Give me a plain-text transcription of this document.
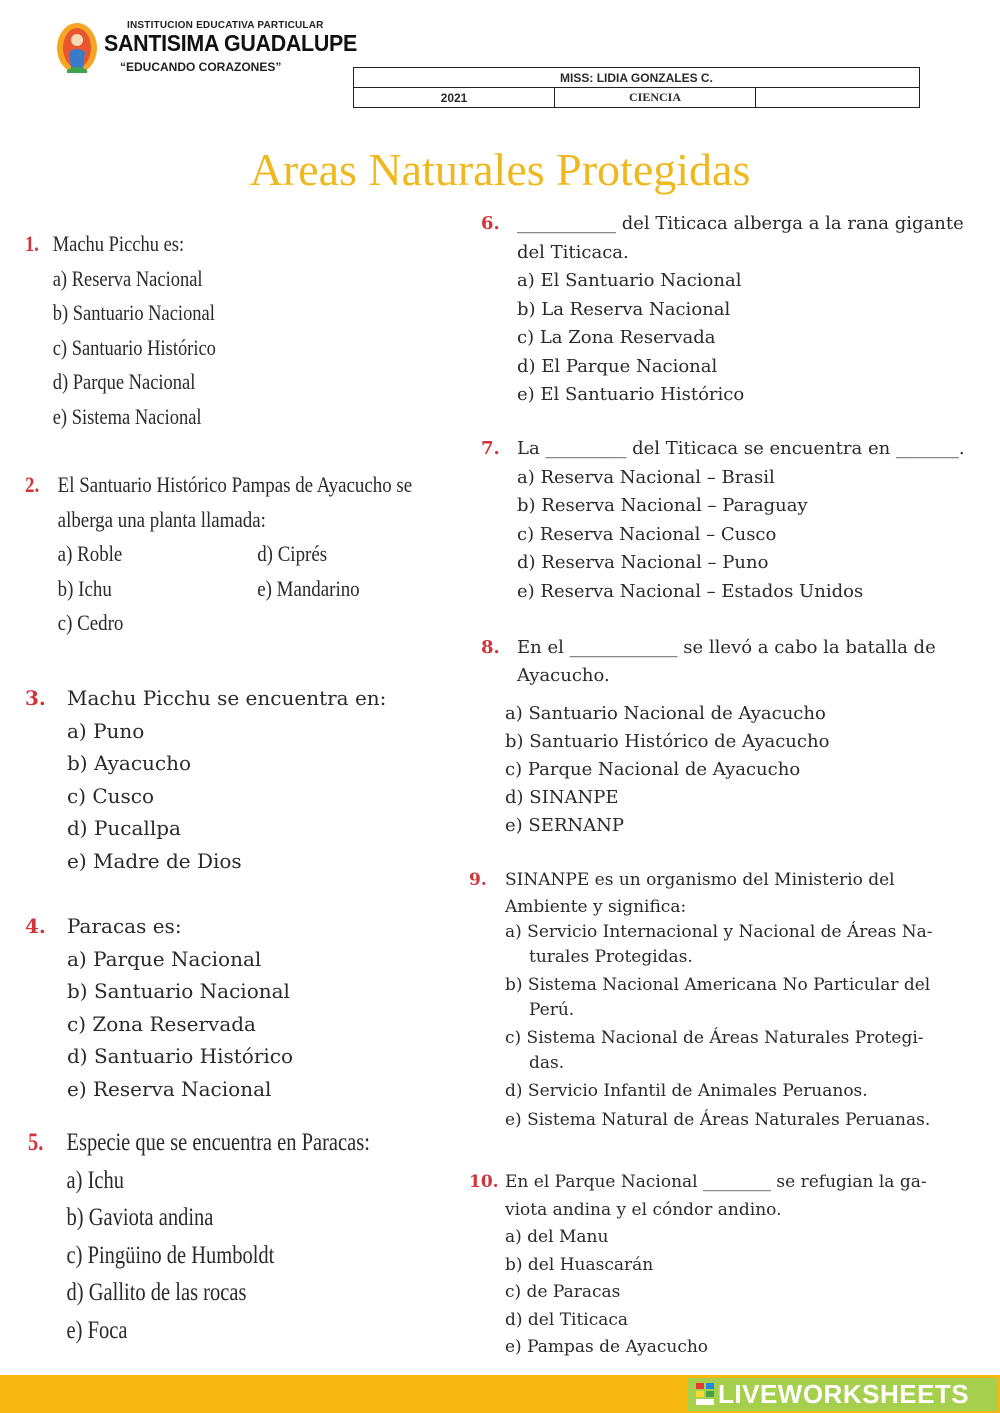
INSTITUCION EDUCATIVA PARTICULAR
SANTISIMA GUADALUPE
“EDUCANDO CORAZONES”
MISS: LIDIA GONZALES C.
2021	CIENCIA	
Areas Naturales Protegidas
1. Machu Picchu es:
a) Reserva Nacional
b) Santuario Nacional
c) Santuario Histórico
d) Parque Nacional
e) Sistema Nacional
2. El Santuario Histórico Pampas de Ayacucho se
alberga una planta llamada:
a) Roble
b) Ichu
c) Cedro
d) Ciprés
e) Mandarino
3. Machu Picchu se encuentra en:
a) Puno
b) Ayacucho
c) Cusco
d) Pucallpa
e) Madre de Dios
4. Paracas es:
a) Parque Nacional
b) Santuario Nacional
c) Zona Reservada
d) Santuario Histórico
e) Reserva Nacional
5. Especie que se encuentra en Paracas:
a) Ichu
b) Gaviota andina
c) Pingüino de Humboldt
d) Gallito de las rocas
e) Foca
6. ___________ del Titicaca alberga a la rana gigante
del Titicaca.
a) El Santuario Nacional
b) La Reserva Nacional
c) La Zona Reservada
d) El Parque Nacional
e) El Santuario Histórico
7. La _________ del Titicaca se encuentra en _______.
a) Reserva Nacional – Brasil
b) Reserva Nacional – Paraguay
c) Reserva Nacional – Cusco
d) Reserva Nacional – Puno
e) Reserva Nacional – Estados Unidos
8. En el ____________ se llevó a cabo la batalla de
Ayacucho.
a) Santuario Nacional de Ayacucho
b) Santuario Histórico de Ayacucho
c) Parque Nacional de Ayacucho
d) SINANPE
e) SERNANP
9. SINANPE es un organismo del Ministerio del
Ambiente y significa:
a) Servicio Internacional y Nacional de Áreas Na-
turales Protegidas.
b) Sistema Nacional Americana No Particular del
Perú.
c) Sistema Nacional de Áreas Naturales Protegi-
das.
d) Servicio Infantil de Animales Peruanos.
e) Sistema Natural de Áreas Naturales Peruanas.
10. En el Parque Nacional ________ se refugian la ga-
viota andina y el cóndor andino.
a) del Manu
b) del Huascarán
c) de Paracas
d) del Titicaca
e) Pampas de Ayacucho
LIVEWORKSHEETS
